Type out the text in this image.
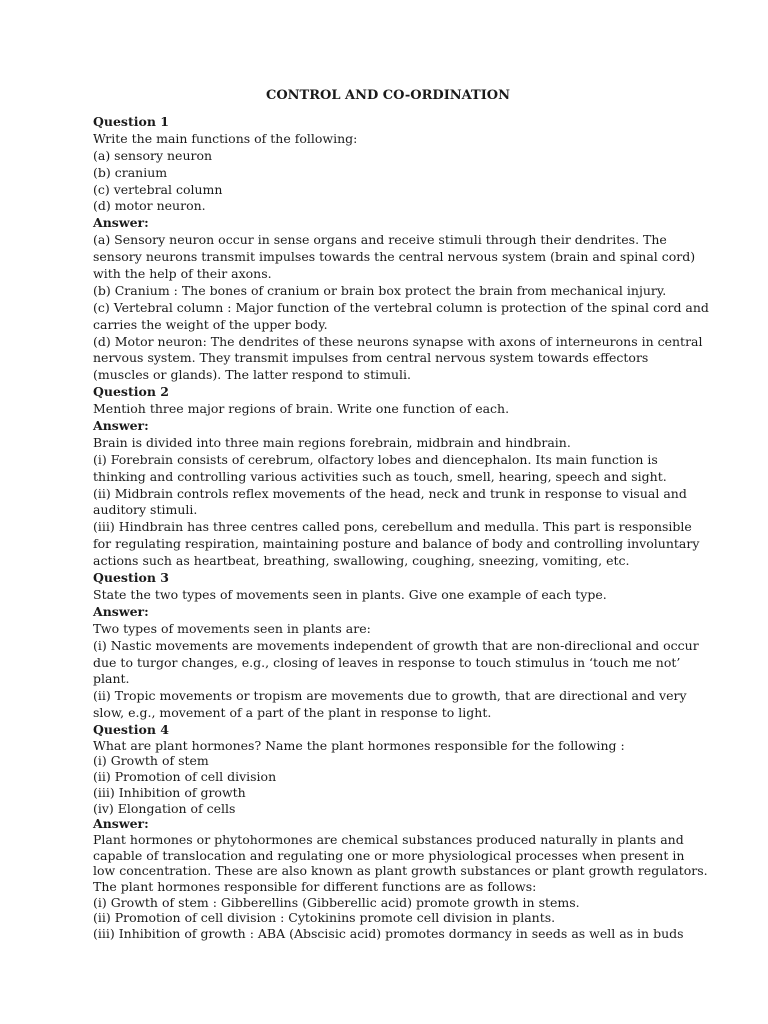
CONTROL AND CO-ORDINATION
Question 1
Write the main functions of the following:
(a) sensory neuron
(b) cranium
(c) vertebral column
(d) motor neuron.
Answer:
(a) Sensory neuron occur in sense organs and receive stimuli through their dendrites. The
sensory neurons transmit impulses towards the central nervous system (brain and spinal cord)
with the help of their axons.
(b) Cranium : The bones of cranium or brain box protect the brain from mechanical injury.
(c) Vertebral column : Major function of the vertebral column is protection of the spinal cord and
carries the weight of the upper body.
(d) Motor neuron: The dendrites of these neurons synapse with axons of interneurons in central
nervous system. They transmit impulses from central nervous system towards effectors
(muscles or glands). The latter respond to stimuli.
Question 2
Mentioh three major regions of brain. Write one function of each.
Answer:
Brain is divided into three main regions forebrain, midbrain and hindbrain.
(i) Forebrain consists of cerebrum, olfactory lobes and diencephalon. Its main function is
thinking and controlling various activities such as touch, smell, hearing, speech and sight.
(ii) Midbrain controls reflex movements of the head, neck and trunk in response to visual and
auditory stimuli.
(iii) Hindbrain has three centres called pons, cerebellum and medulla. This part is responsible
for regulating respiration, maintaining posture and balance of body and controlling involuntary
actions such as heartbeat, breathing, swallowing, coughing, sneezing, vomiting, etc.
Question 3
State the two types of movements seen in plants. Give one example of each type.
Answer:
Two types of movements seen in plants are:
(i) Nastic movements are movements independent of growth that are non-direclional and occur
due to turgor changes, e.g., closing of leaves in response to touch stimulus in ‘touch me not’
plant.
(ii) Tropic movements or tropism are movements due to growth, that are directional and very
slow, e.g., movement of a part of the plant in response to light.
Question 4
What are plant hormones? Name the plant hormones responsible for the following :
(i) Growth of stem
(ii) Promotion of cell division
(iii) Inhibition of growth
(iv) Elongation of cells
Answer:
Plant hormones or phytohormones are chemical substances produced naturally in plants and
capable of translocation and regulating one or more physiological processes when present in
low concentration. These are also known as plant growth substances or plant growth regulators.
The plant hormones responsible for different functions are as follows:
(i) Growth of stem : Gibberellins (Gibberellic acid) promote growth in stems.
(ii) Promotion of cell division : Cytokinins promote cell division in plants.
(iii) Inhibition of growth : ABA (Abscisic acid) promotes dormancy in seeds as well as in buds
